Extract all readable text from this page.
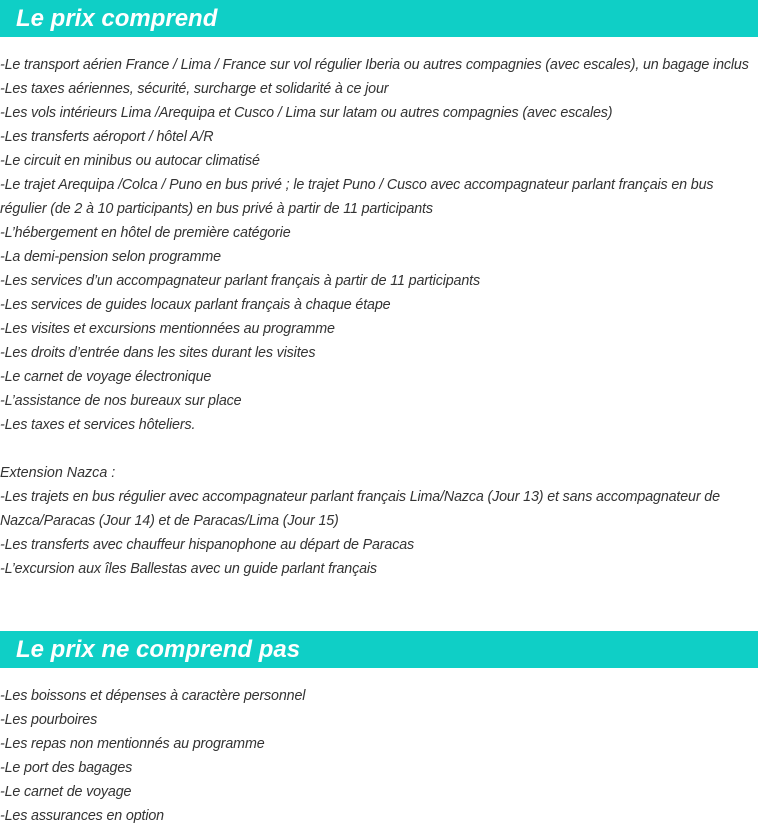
Le prix comprend
-Le transport aérien France / Lima / France sur vol régulier Iberia ou autres compagnies (avec escales), un bagage inclus
-Les taxes aériennes, sécurité, surcharge et solidarité à ce jour
-Les vols intérieurs Lima /Arequipa et Cusco / Lima sur latam ou autres compagnies (avec escales)
-Les transferts aéroport / hôtel A/R
-Le circuit en minibus ou autocar climatisé
-Le trajet Arequipa /Colca / Puno en bus privé ; le trajet Puno / Cusco avec accompagnateur parlant français en bus régulier (de 2 à 10 participants) en bus privé à partir de 11 participants
-L’hébergement en hôtel de première catégorie
-La demi-pension selon programme
-Les services d’un accompagnateur parlant français à partir de 11 participants
-Les services de guides locaux parlant français à chaque étape
-Les visites et excursions mentionnées au programme
-Les droits d’entrée dans les sites durant les visites
-Le carnet de voyage électronique
-L’assistance de nos bureaux sur place
-Les taxes et services hôteliers.
Extension Nazca :
-Les trajets en bus régulier avec accompagnateur parlant français Lima/Nazca (Jour 13) et sans accompagnateur de Nazca/Paracas (Jour 14) et de Paracas/Lima (Jour 15)
-Les transferts avec chauffeur hispanophone au départ de Paracas
-L’excursion aux îles Ballestas avec un guide parlant français
Le prix ne comprend pas
-Les boissons et dépenses à caractère personnel
-Les pourboires
-Les repas non mentionnés au programme
-Le port des bagages
-Le carnet de voyage
-Les assurances en option
